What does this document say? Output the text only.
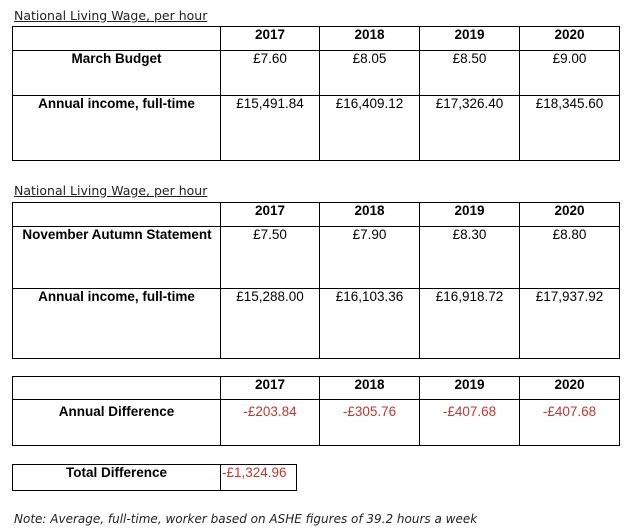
National Living Wage, per hour
	2017	2018	2019	2020
March Budget	£7.60	£8.05	£8.50	£9.00
Annual income, full-time	£15,491.84	£16,409.12	£17,326.40	£18,345.60
National Living Wage, per hour
	2017	2018	2019	2020
November Autumn Statement	£7.50	£7.90	£8.30	£8.80
Annual income, full-time	£15,288.00	£16,103.36	£16,918.72	£17,937.92
	2017	2018	2019	2020
Annual Difference	-£203.84	-£305.76	-£407.68	-£407.68
Total Difference	-£1,324.96
Note: Average, full-time, worker based on ASHE figures of 39.2 hours a week
